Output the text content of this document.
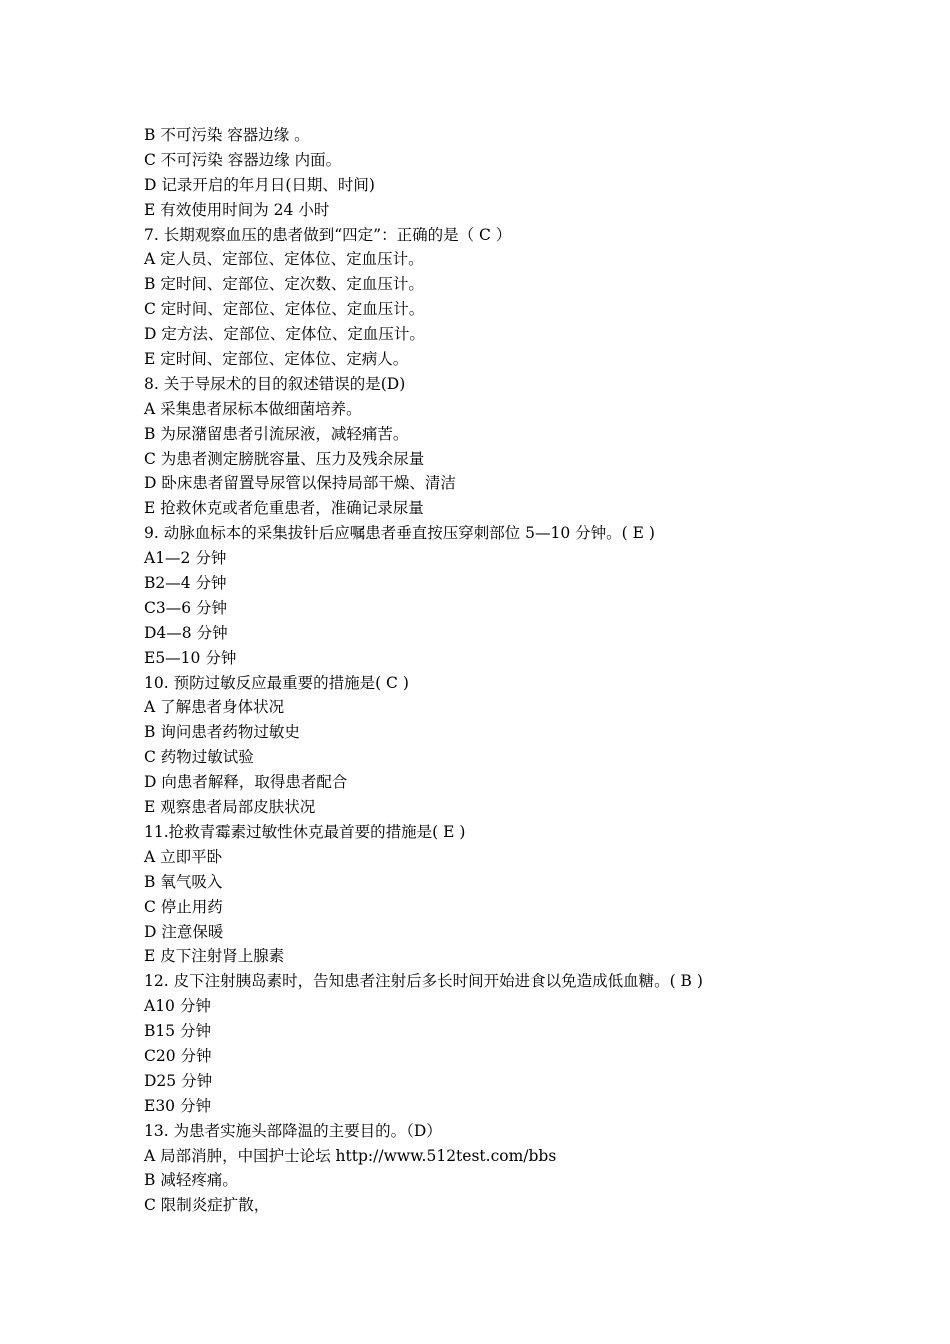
B 不可污染 容器边缘 。
C 不可污染 容器边缘 内面。
D 记录开启的年月日(日期、时间)
E 有效使用时间为 24 小时
7. 长期观察血压的患者做到“四定”：正确的是（ C ）
A 定人员、定部位、定体位、定血压计。
B 定时间、定部位、定次数、定血压计。
C 定时间、定部位、定体位、定血压计。
D 定方法、定部位、定体位、定血压计。
E 定时间、定部位、定体位、定病人。
8. 关于导尿术的目的叙述错误的是(D)
A 采集患者尿标本做细菌培养。
B 为尿潴留患者引流尿液，减轻痛苦。
C 为患者测定膀胱容量、压力及残余尿量
D 卧床患者留置导尿管以保持局部干燥、清洁
E 抢救休克或者危重患者，准确记录尿量
9. 动脉血标本的采集拔针后应嘱患者垂直按压穿刺部位 5—10 分钟。( E )
A1—2 分钟
B2—4 分钟
C3—6 分钟
D4—8 分钟
E5—10 分钟
10. 预防过敏反应最重要的措施是( C )
A 了解患者身体状况
B 询问患者药物过敏史
C 药物过敏试验
D 向患者解释，取得患者配合
E 观察患者局部皮肤状况
11.抢救青霉素过敏性休克最首要的措施是( E )
A 立即平卧
B 氧气吸入
C 停止用药
D 注意保暖
E 皮下注射肾上腺素
12. 皮下注射胰岛素时，告知患者注射后多长时间开始进食以免造成低血糖。( B )
A10 分钟
B15 分钟
C20 分钟
D25 分钟
E30 分钟
13. 为患者实施头部降温的主要目的。（D）
A 局部消肿，中国护士论坛 http://www.512test.com/bbs
B 减轻疼痛。
C 限制炎症扩散，
